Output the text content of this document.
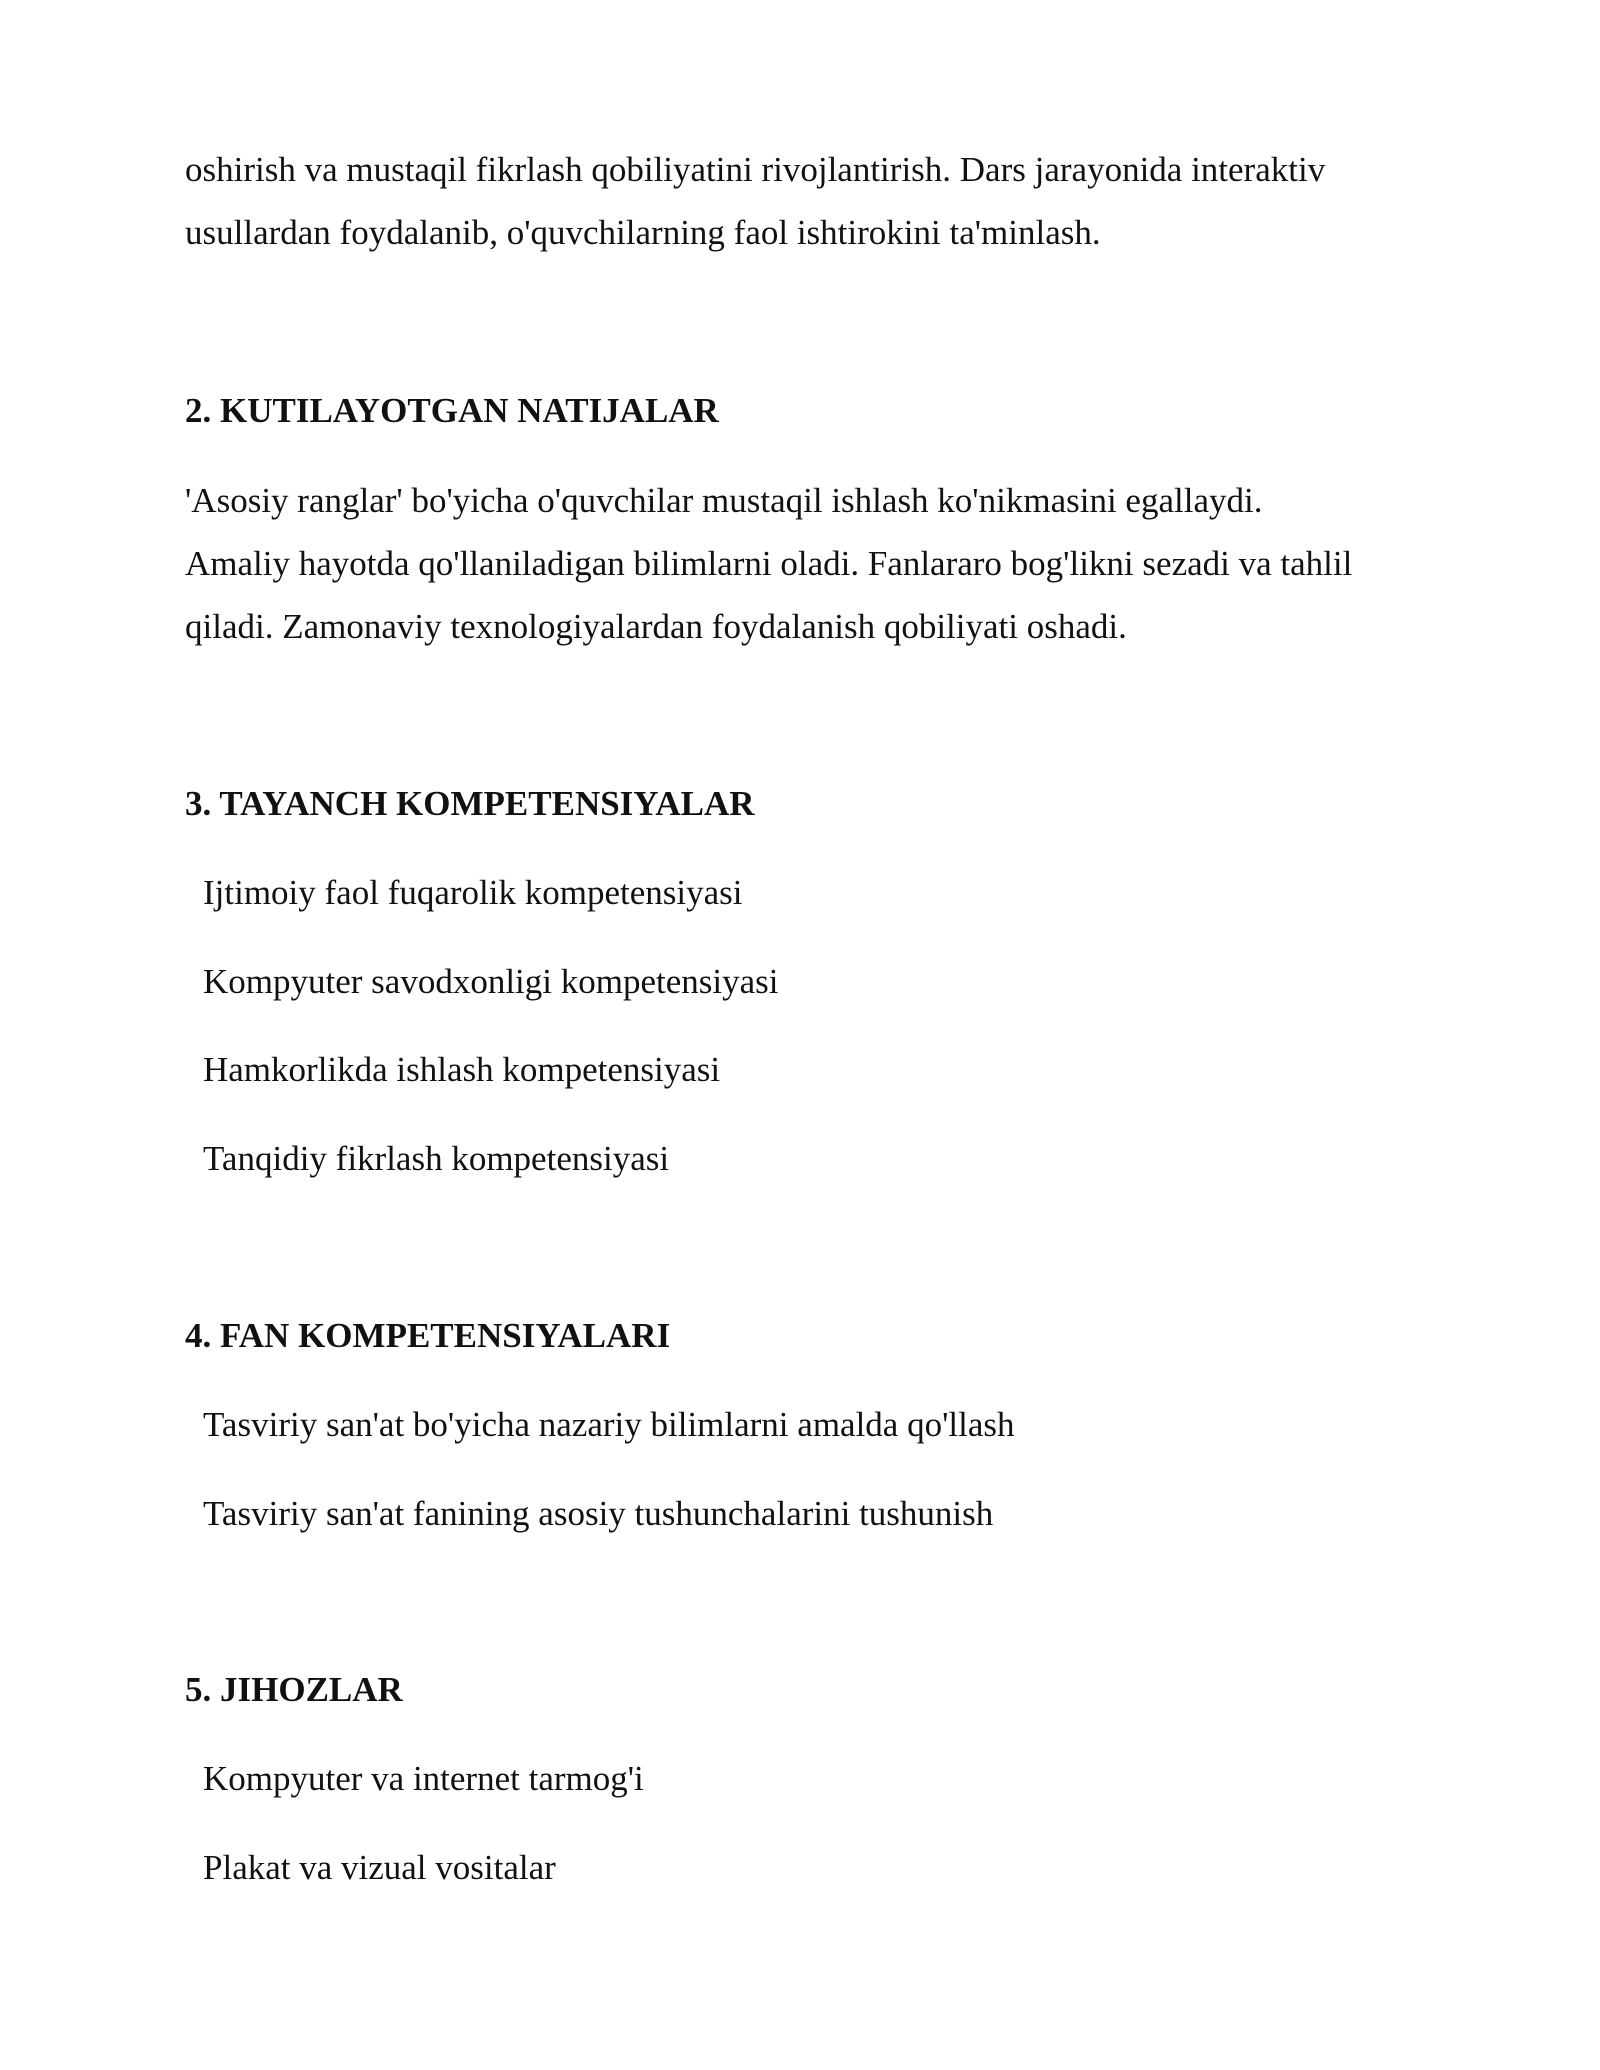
oshirish va mustaqil fikrlash qobiliyatini rivojlantirish. Dars jarayonida interaktiv

usullardan foydalanib, o'quvchilarning faol ishtirokini ta'minlash.

2. KUTILAYOTGAN NATIJALAR

'Asosiy ranglar' bo'yicha o'quvchilar mustaqil ishlash ko'nikmasini egallaydi.

Amaliy hayotda qo'llaniladigan bilimlarni oladi. Fanlararo bog'likni sezadi va tahlil

qiladi. Zamonaviy texnologiyalardan foydalanish qobiliyati oshadi.

3. TAYANCH KOMPETENSIYALAR

Ijtimoiy faol fuqarolik kompetensiyasi

Kompyuter savodxonligi kompetensiyasi

Hamkorlikda ishlash kompetensiyasi

Tanqidiy fikrlash kompetensiyasi

4. FAN KOMPETENSIYALARI

Tasviriy san'at bo'yicha nazariy bilimlarni amalda qo'llash

Tasviriy san'at fanining asosiy tushunchalarini tushunish

5. JIHOZLAR

Kompyuter va internet tarmog'i

Plakat va vizual vositalar
